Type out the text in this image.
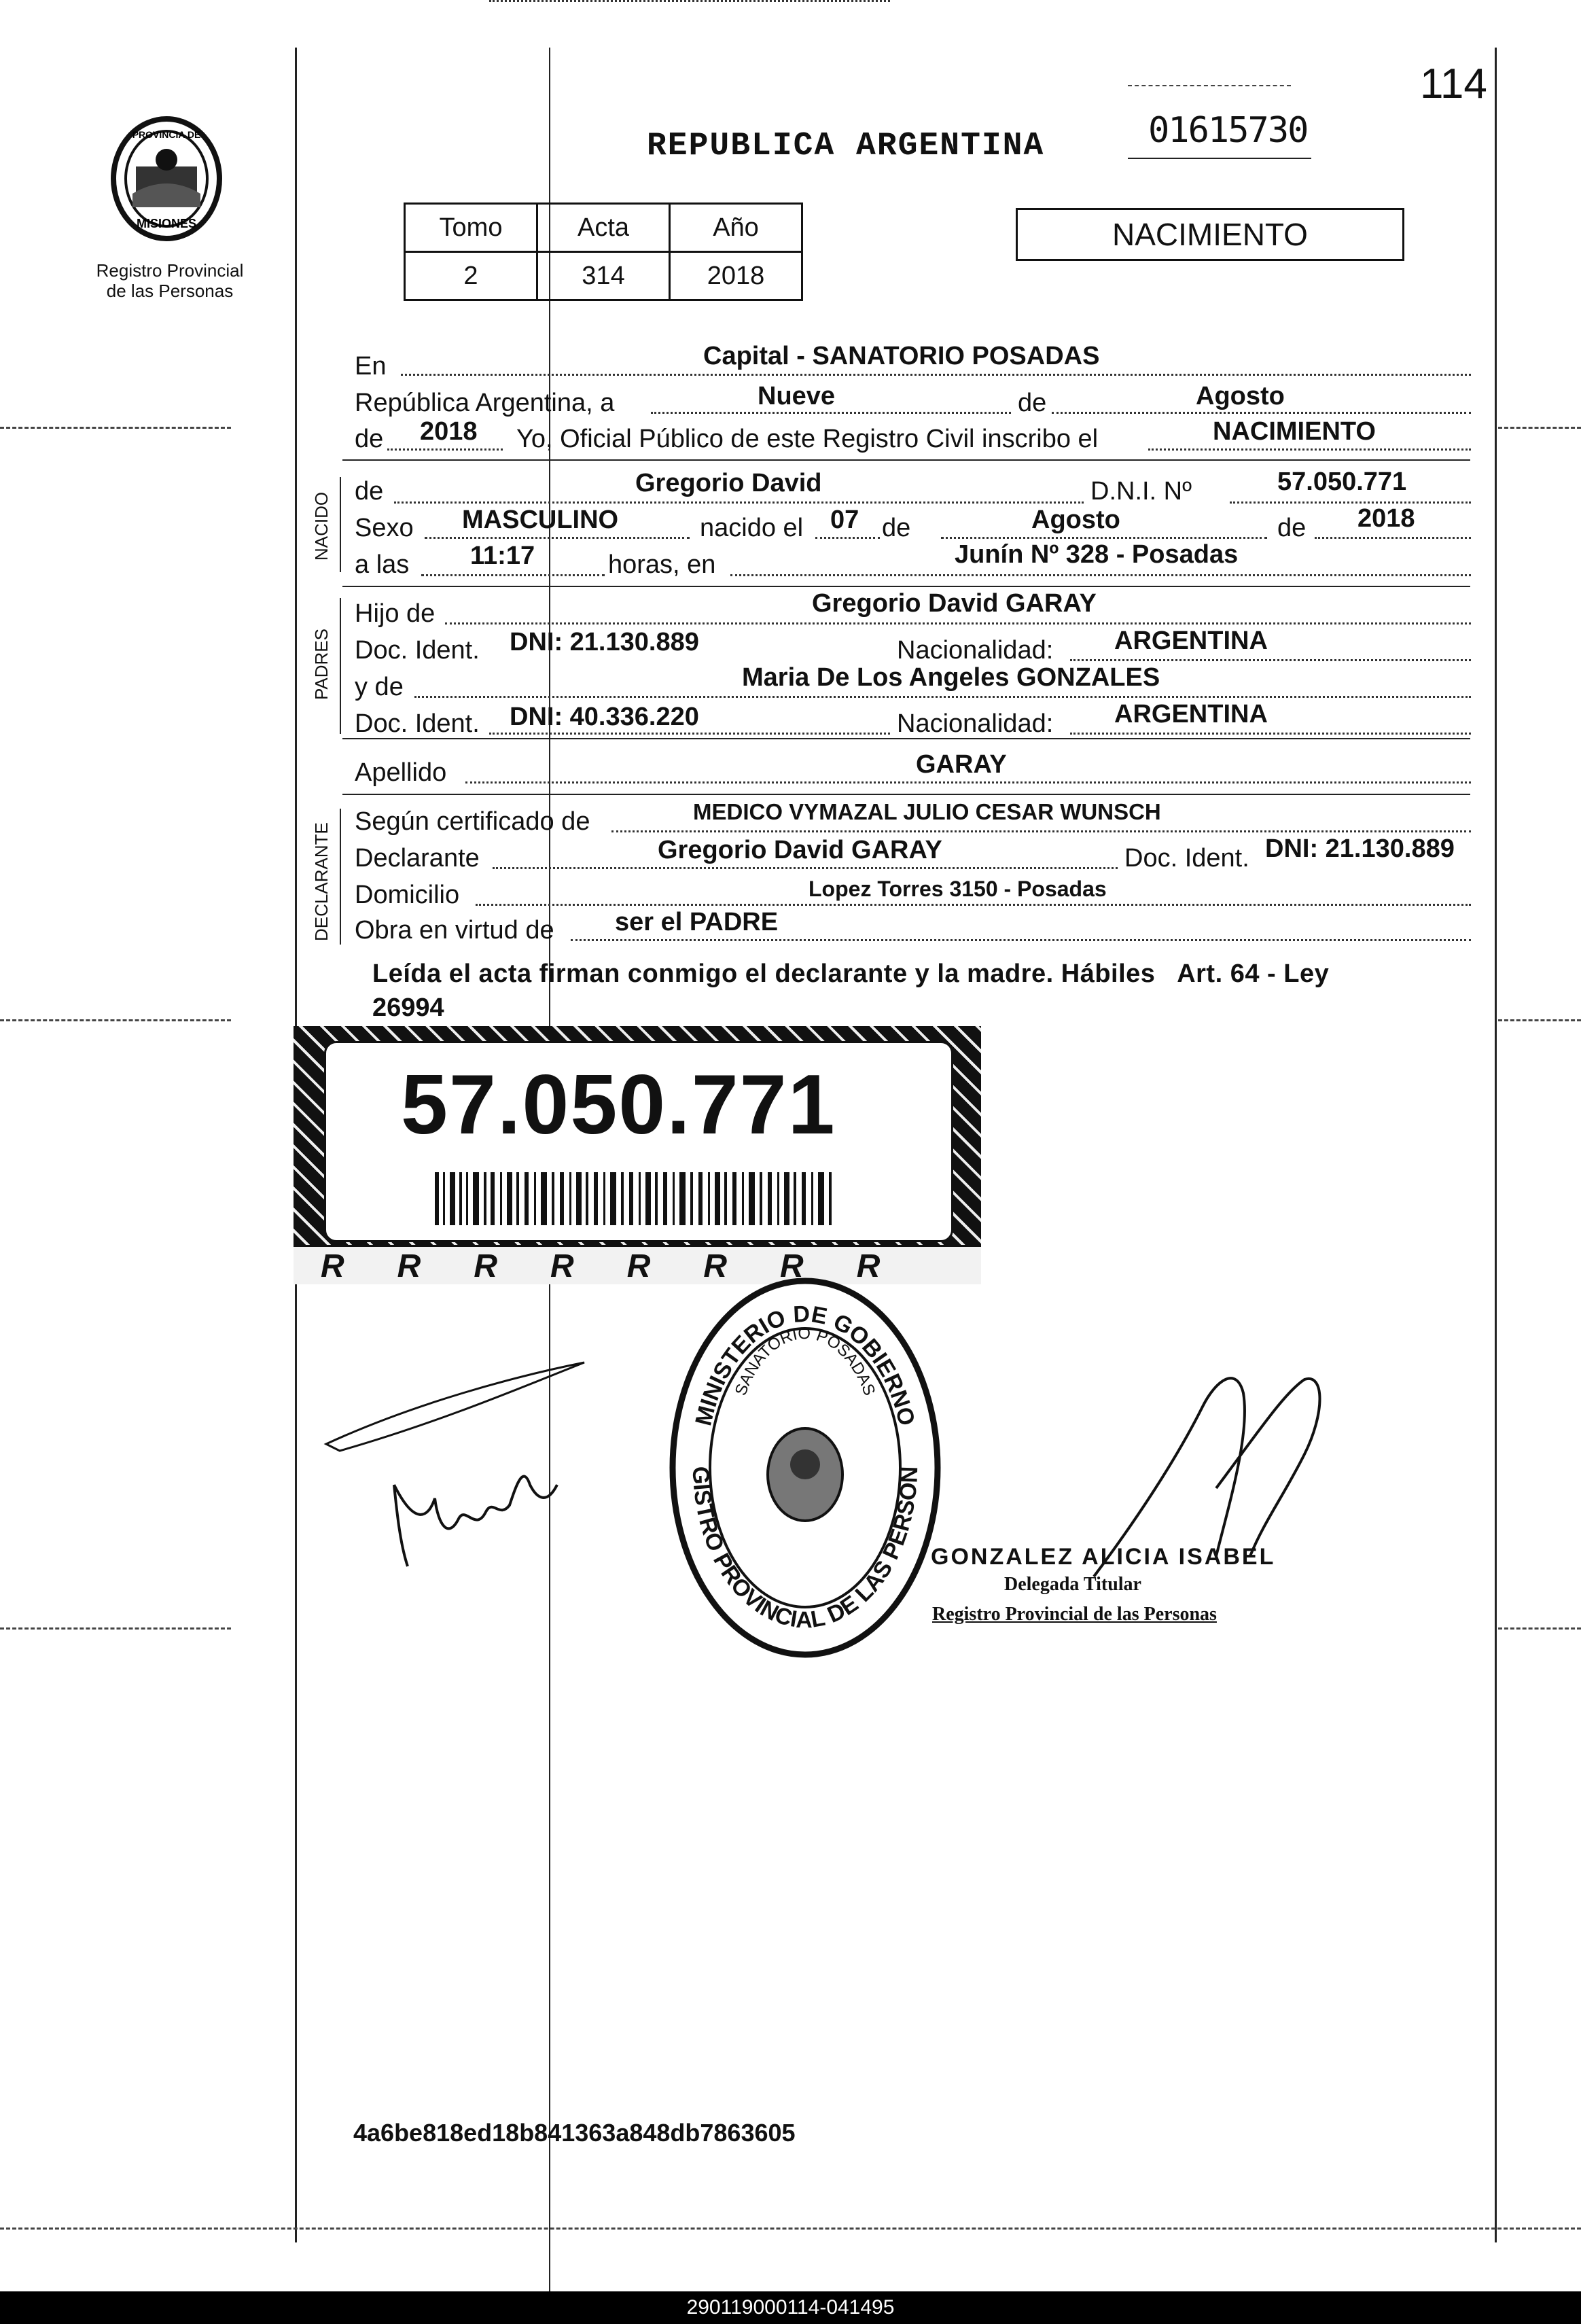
114
PROVINCIA DE
MISIONES
Registro Provincial
de las Personas
REPUBLICA ARGENTINA	01615730
Tomo	Acta	Año
2	314	2018
NACIMIENTO
En	Capital - SANATORIO POSADAS
República Argentina, a	Nueve	de	Agosto
de 2018 Yo, Oficial Público de este Registro Civil inscribo el	NACIMIENTO
NACIDO
de	Gregorio David	D.N.I. Nº	57.050.771
Sexo MASCULINO	nacido el 07 de	Agosto	de 2018
a las 11:17	horas, en	Junín Nº 328 - Posadas
PADRES
Hijo de	Gregorio David GARAY
Doc. Ident. DNI: 21.130.889	Nacionalidad: ARGENTINA
y de	Maria De Los Angeles GONZALES
Doc. Ident. DNI: 40.336.220	Nacionalidad: ARGENTINA
Apellido	GARAY
DECLARANTE
Según certificado de	MEDICO VYMAZAL JULIO CESAR WUNSCH
Declarante	Gregorio David GARAY	Doc. Ident. DNI: 21.130.889
Domicilio	Lopez Torres 3150 - Posadas
Obra en virtud de ser el PADRE
Leída el acta firman conmigo el declarante y la madre. Hábiles   Art. 64 - Ley
26994
RRRRRRRR
57.050.771
MINISTERIO DE GOBIERNO
GISTRO PROVINCIAL DE LAS PERSON
SANATORIO POSADAS
GONZALEZ ALICIA ISABEL
Delegada Titular
Registro Provincial de las Personas
4a6be818ed18b841363a848db7863605
290119000114-041495
